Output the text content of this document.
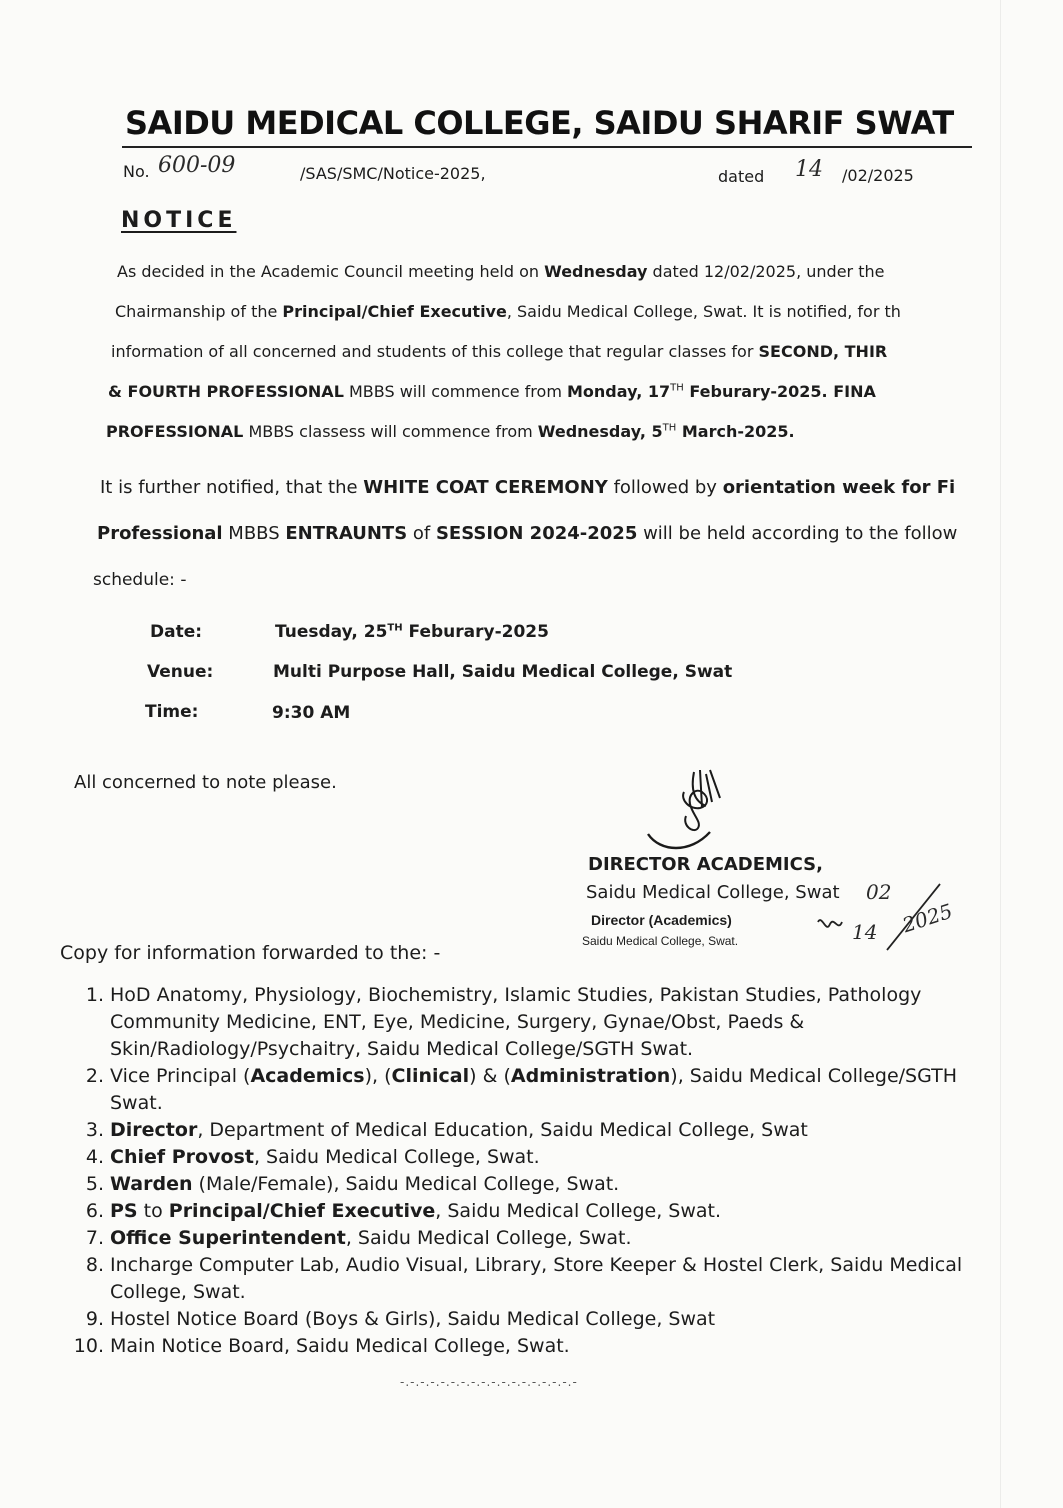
SAIDU MEDICAL COLLEGE, SAIDU SHARIF SWAT
No. 600-09	/SAS/SMC/Notice-2025,	dated 14 /02/2025
NOTICE
As decided in the Academic Council meeting held on Wednesday dated 12/02/2025, under the
Chairmanship of the Principal/Chief Executive, Saidu Medical College, Swat. It is notified, for th
information of all concerned and students of this college that regular classes for SECOND, THIR
& FOURTH PROFESSIONAL MBBS will commence from Monday, 17TH Feburary-2025. FINA
PROFESSIONAL MBBS classess will commence from Wednesday, 5TH March-2025.
It is further notified, that the WHITE COAT CEREMONY followed by orientation week for Fi
Professional MBBS ENTRAUNTS of SESSION 2024-2025 will be held according to the follow
schedule: -
Date:	Tuesday, 25TH Feburary-2025
Venue:	Multi Purpose Hall, Saidu Medical College, Swat
Time:	9:30 AM
All concerned to note please.
DIRECTOR ACADEMICS,
Saidu Medical College, Swat
Director (Academics)
Saidu Medical College, Swat.
02
14 2025
Copy for information forwarded to the: -
1. HoD Anatomy, Physiology, Biochemistry, Islamic Studies, Pakistan Studies, Pathology Community Medicine, ENT, Eye, Medicine, Surgery, Gynae/Obst, Paeds & Skin/Radiology/Psychaitry, Saidu Medical College/SGTH Swat.
2. Vice Principal (Academics), (Clinical) & (Administration), Saidu Medical College/SGTH Swat.
3. Director, Department of Medical Education, Saidu Medical College, Swat
4. Chief Provost, Saidu Medical College, Swat.
5. Warden (Male/Female), Saidu Medical College, Swat.
6. PS to Principal/Chief Executive, Saidu Medical College, Swat.
7. Office Superintendent, Saidu Medical College, Swat.
8. Incharge Computer Lab, Audio Visual, Library, Store Keeper & Hostel Clerk, Saidu Medical College, Swat.
9. Hostel Notice Board (Boys & Girls), Saidu Medical College, Swat
10. Main Notice Board, Saidu Medical College, Swat.
-.-.-.-.-.-.-.-.-.-.-.-.-.-.-.-.-.-
